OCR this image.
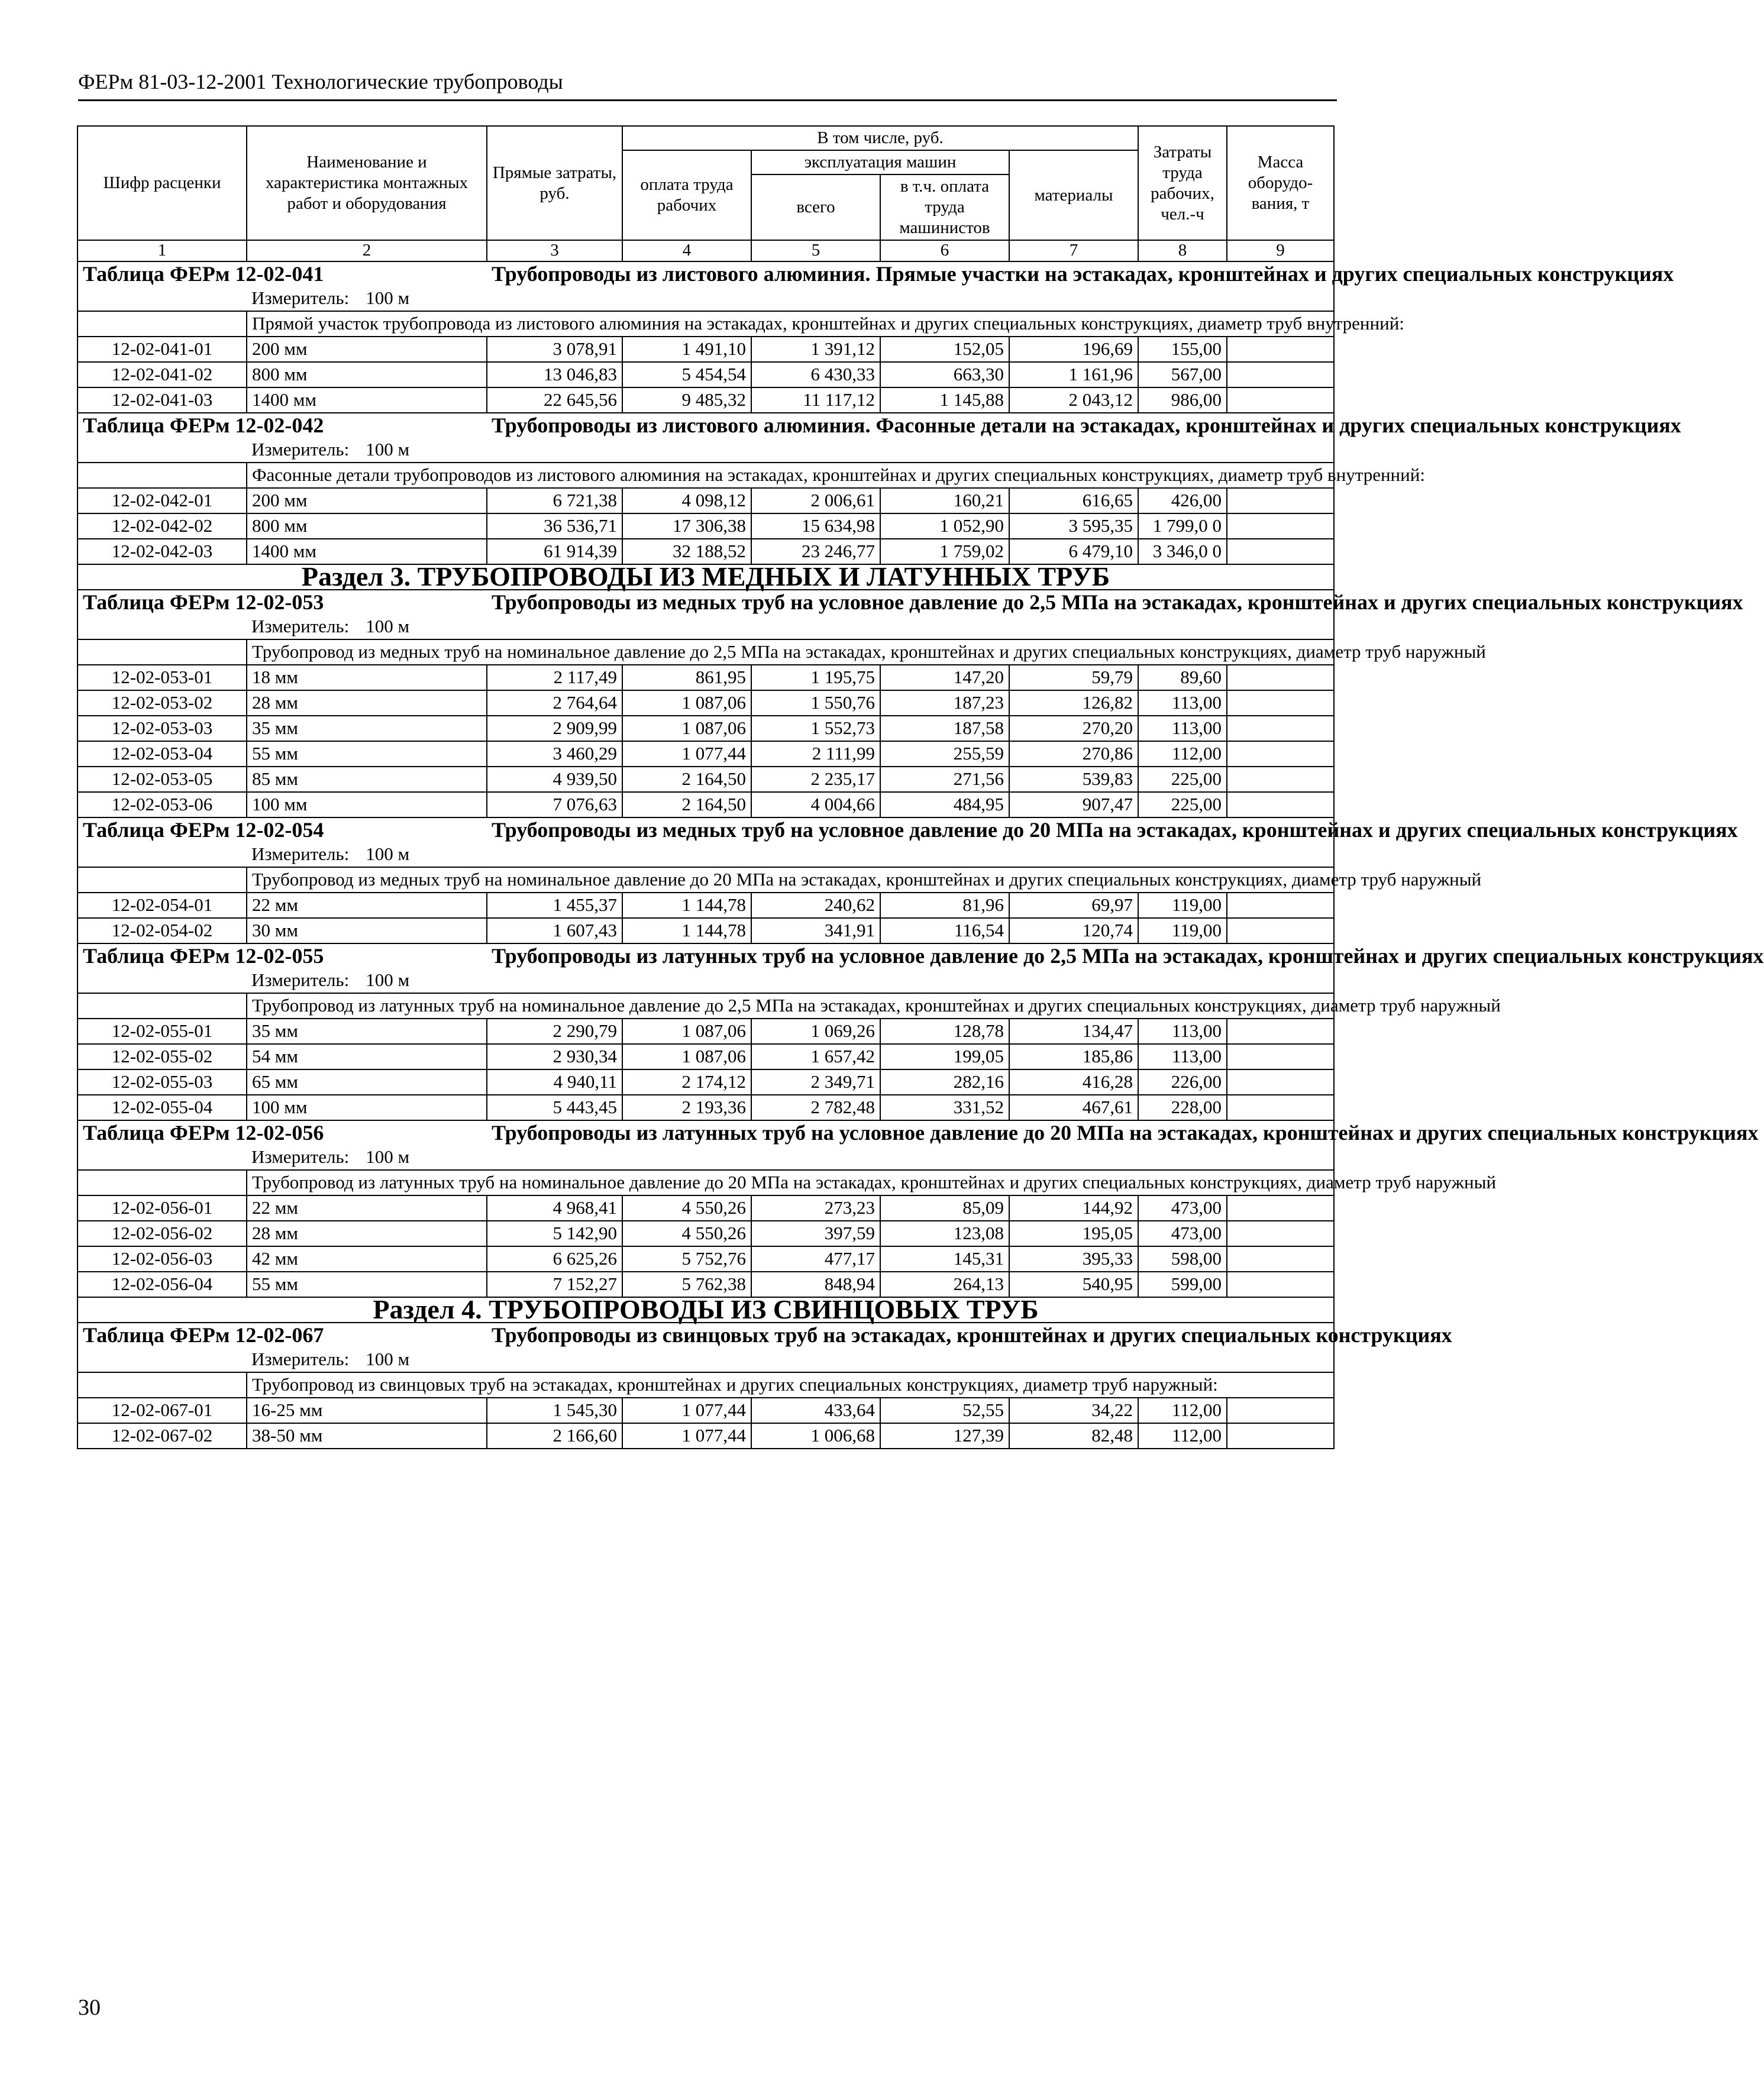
ФЕРм 81-03-12-2001 Технологические трубопроводы
Шифр расценки	Наименование и характеристика монтажных работ и оборудования	Прямые затраты, руб.	В том числе, руб.				Затраты труда рабочих, чел.-ч	Масса оборудо-вания, т
			оплата труда рабочих	эксплуатация машин		материалы		
				всего	в т.ч. оплата труда машинистов			
1	2	3	4	5	6	7	8	9
Таблица ФЕРм 12-02-041		Трубопроводы из листового алюминия. Прямые участки на эстакадах, кронштейнах и других специальных конструкциях						
	Измеритель: 100 м							
	Прямой участок трубопровода из листового алюминия на эстакадах, кронштейнах и других специальных конструкциях, диаметр труб внутренний:							
12-02-041-01	200 мм	3 078,91	1 491,10	1 391,12	152,05	196,69	155,00	
12-02-041-02	800 мм	13 046,83	5 454,54	6 430,33	663,30	1 161,96	567,00	
12-02-041-03	1400 мм	22 645,56	9 485,32	11 117,12	1 145,88	2 043,12	986,00	
Таблица ФЕРм 12-02-042		Трубопроводы из листового алюминия. Фасонные детали на эстакадах, кронштейнах и других специальных конструкциях						
	Измеритель: 100 м							
	Фасонные детали трубопроводов из листового алюминия на эстакадах, кронштейнах и других специальных конструкциях, диаметр труб внутренний:							
12-02-042-01	200 мм	6 721,38	4 098,12	2 006,61	160,21	616,65	426,00	
12-02-042-02	800 мм	36 536,71	17 306,38	15 634,98	1 052,90	3 595,35	1 799,0 0	
12-02-042-03	1400 мм	61 914,39	32 188,52	23 246,77	1 759,02	6 479,10	3 346,0 0	
Раздел 3. ТРУБОПРОВОДЫ ИЗ МЕДНЫХ И ЛАТУННЫХ ТРУБ								
Таблица ФЕРм 12-02-053		Трубопроводы из медных труб на условное давление до 2,5 МПа на эстакадах, кронштейнах и других специальных конструкциях						
	Измеритель: 100 м							
	Трубопровод из медных труб на номинальное давление до 2,5 МПа на эстакадах, кронштейнах и других специальных конструкциях, диаметр труб наружный							
12-02-053-01	18 мм	2 117,49	861,95	1 195,75	147,20	59,79	89,60	
12-02-053-02	28 мм	2 764,64	1 087,06	1 550,76	187,23	126,82	113,00	
12-02-053-03	35 мм	2 909,99	1 087,06	1 552,73	187,58	270,20	113,00	
12-02-053-04	55 мм	3 460,29	1 077,44	2 111,99	255,59	270,86	112,00	
12-02-053-05	85 мм	4 939,50	2 164,50	2 235,17	271,56	539,83	225,00	
12-02-053-06	100 мм	7 076,63	2 164,50	4 004,66	484,95	907,47	225,00	
Таблица ФЕРм 12-02-054		Трубопроводы из медных труб на условное давление до 20 МПа на эстакадах, кронштейнах и других специальных конструкциях						
	Измеритель: 100 м							
	Трубопровод из медных труб на номинальное давление до 20 МПа на эстакадах, кронштейнах и других специальных конструкциях, диаметр труб наружный							
12-02-054-01	22 мм	1 455,37	1 144,78	240,62	81,96	69,97	119,00	
12-02-054-02	30 мм	1 607,43	1 144,78	341,91	116,54	120,74	119,00	
Таблица ФЕРм 12-02-055		Трубопроводы из латунных труб на условное давление до 2,5 МПа на эстакадах, кронштейнах и других специальных конструкциях						
	Измеритель: 100 м							
	Трубопровод из латунных труб на номинальное давление до 2,5 МПа на эстакадах, кронштейнах и других специальных конструкциях, диаметр труб наружный							
12-02-055-01	35 мм	2 290,79	1 087,06	1 069,26	128,78	134,47	113,00	
12-02-055-02	54 мм	2 930,34	1 087,06	1 657,42	199,05	185,86	113,00	
12-02-055-03	65 мм	4 940,11	2 174,12	2 349,71	282,16	416,28	226,00	
12-02-055-04	100 мм	5 443,45	2 193,36	2 782,48	331,52	467,61	228,00	
Таблица ФЕРм 12-02-056		Трубопроводы из латунных труб на условное давление до 20 МПа на эстакадах, кронштейнах и других специальных конструкциях						
	Измеритель: 100 м							
	Трубопровод из латунных труб на номинальное давление до 20 МПа на эстакадах, кронштейнах и других специальных конструкциях, диаметр труб наружный							
12-02-056-01	22 мм	4 968,41	4 550,26	273,23	85,09	144,92	473,00	
12-02-056-02	28 мм	5 142,90	4 550,26	397,59	123,08	195,05	473,00	
12-02-056-03	42 мм	6 625,26	5 752,76	477,17	145,31	395,33	598,00	
12-02-056-04	55 мм	7 152,27	5 762,38	848,94	264,13	540,95	599,00	
Раздел 4. ТРУБОПРОВОДЫ ИЗ СВИНЦОВЫХ ТРУБ								
Таблица ФЕРм 12-02-067		Трубопроводы из свинцовых труб на эстакадах, кронштейнах и других специальных конструкциях						
	Измеритель: 100 м							
	Трубопровод из свинцовых труб на эстакадах, кронштейнах и других специальных конструкциях, диаметр труб наружный:							
12-02-067-01	16-25 мм	1 545,30	1 077,44	433,64	52,55	34,22	112,00	
12-02-067-02	38-50 мм	2 166,60	1 077,44	1 006,68	127,39	82,48	112,00	
30
